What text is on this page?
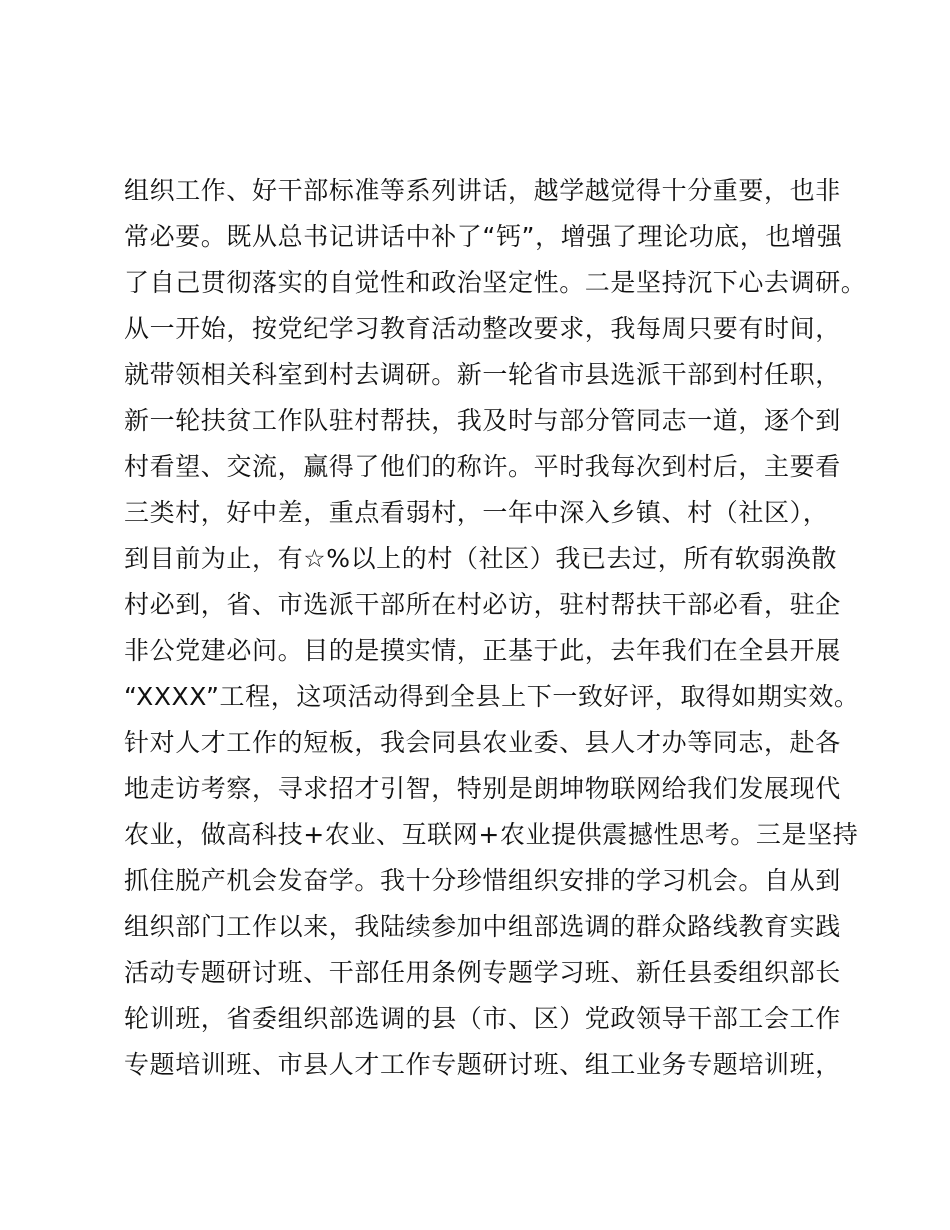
组织工作、好干部标准等系列讲话，越学越觉得十分重要，也非
常必要。既从总书记讲话中补了“钙”，增强了理论功底，也增强
了自己贯彻落实的自觉性和政治坚定性。二是坚持沉下心去调研。
从一开始，按党纪学习教育活动整改要求，我每周只要有时间，
就带领相关科室到村去调研。新一轮省市县选派干部到村任职，
新一轮扶贫工作队驻村帮扶，我及时与部分管同志一道，逐个到
村看望、交流，赢得了他们的称许。平时我每次到村后，主要看
三类村，好中差，重点看弱村，一年中深入乡镇、村（社区），
到目前为止，有☆%以上的村（社区）我已去过，所有软弱涣散
村必到，省、市选派干部所在村必访，驻村帮扶干部必看，驻企
非公党建必问。目的是摸实情，正基于此，去年我们在全县开展
“XXXX”工程，这项活动得到全县上下一致好评，取得如期实效。
针对人才工作的短板，我会同县农业委、县人才办等同志，赴各
地走访考察，寻求招才引智，特别是朗坤物联网给我们发展现代
农业，做高科技+农业、互联网+农业提供震撼性思考。三是坚持
抓住脱产机会发奋学。我十分珍惜组织安排的学习机会。自从到
组织部门工作以来，我陆续参加中组部选调的群众路线教育实践
活动专题研讨班、干部任用条例专题学习班、新任县委组织部长
轮训班，省委组织部选调的县（市、区）党政领导干部工会工作
专题培训班、市县人才工作专题研讨班、组工业务专题培训班，
